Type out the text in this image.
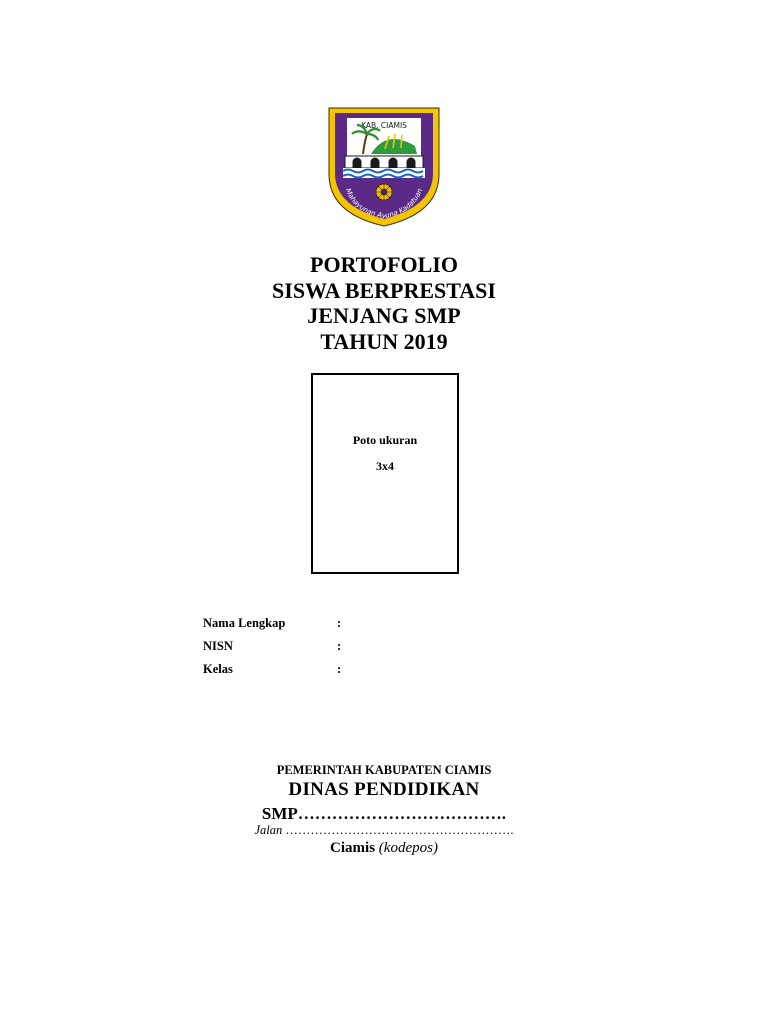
KAB. CIAMIS
Mahayunan Ayuna Kadatuan
PORTOFOLIO
SISWA BERPRESTASI
JENJANG SMP
TAHUN 2019
Poto ukuran
3x4
Nama Lengkap	:
NISN	:
Kelas	:
PEMERINTAH KABUPATEN CIAMIS
DINAS PENDIDIKAN
SMP……………………………….
Jalan ……………………………………………….
Ciamis (kodepos)
